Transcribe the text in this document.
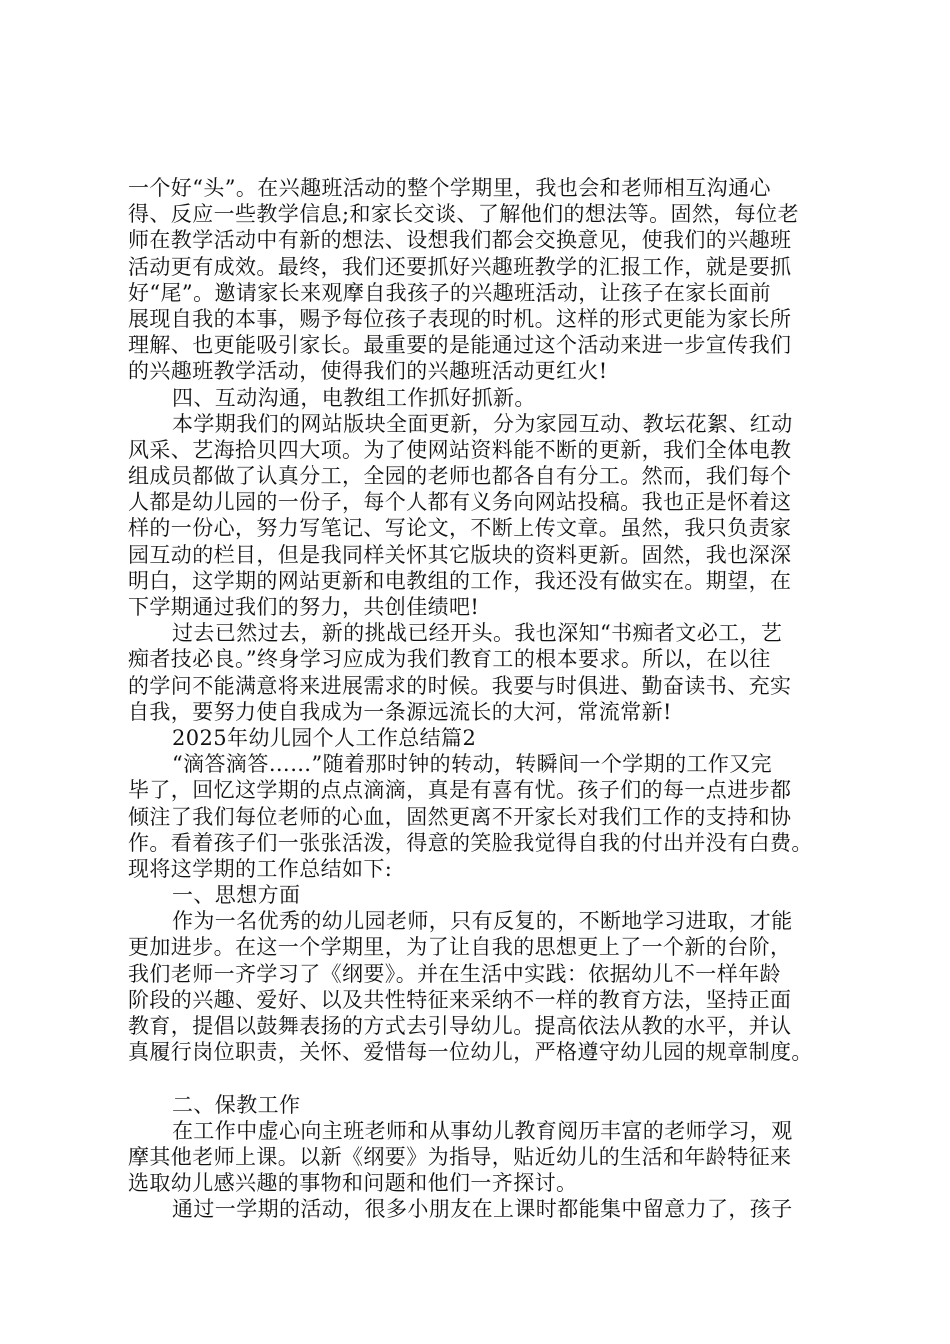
一个好“头”。在兴趣班活动的整个学期里，我也会和老师相互沟通心
得、反应一些教学信息;和家长交谈、了解他们的想法等。固然，每位老
师在教学活动中有新的想法、设想我们都会交换意见，使我们的兴趣班
活动更有成效。最终，我们还要抓好兴趣班教学的汇报工作，就是要抓
好“尾”。邀请家长来观摩自我孩子的兴趣班活动，让孩子在家长面前
展现自我的本事，赐予每位孩子表现的时机。这样的形式更能为家长所
理解、也更能吸引家长。最重要的是能通过这个活动来进一步宣传我们
的兴趣班教学活动，使得我们的兴趣班活动更红火!
四、互动沟通，电教组工作抓好抓新。
本学期我们的网站版块全面更新，分为家园互动、教坛花絮、红动
风采、艺海拾贝四大项。为了使网站资料能不断的更新，我们全体电教
组成员都做了认真分工，全园的老师也都各自有分工。然而，我们每个
人都是幼儿园的一份子，每个人都有义务向网站投稿。我也正是怀着这
样的一份心，努力写笔记、写论文，不断上传文章。虽然，我只负责家
园互动的栏目，但是我同样关怀其它版块的资料更新。固然，我也深深
明白，这学期的网站更新和电教组的工作，我还没有做实在。期望，在
下学期通过我们的努力，共创佳绩吧!
过去已然过去，新的挑战已经开头。我也深知“书痴者文必工，艺
痴者技必良。”终身学习应成为我们教育工的根本要求。所以，在以往
的学问不能满意将来进展需求的时候。我要与时俱进、勤奋读书、充实
自我，要努力使自我成为一条源远流长的大河，常流常新!
2025年幼儿园个人工作总结篇2
“滴答滴答……”随着那时钟的转动，转瞬间一个学期的工作又完
毕了，回忆这学期的点点滴滴，真是有喜有忧。孩子们的每一点进步都
倾注了我们每位老师的心血，固然更离不开家长对我们工作的支持和协
作。看着孩子们一张张活泼，得意的笑脸我觉得自我的付出并没有白费。
现将这学期的工作总结如下:
一、思想方面
作为一名优秀的幼儿园老师，只有反复的，不断地学习进取，才能
更加进步。在这一个学期里，为了让自我的思想更上了一个新的台阶，
我们老师一齐学习了《纲要》。并在生活中实践：依据幼儿不一样年龄
阶段的兴趣、爱好、以及共性特征来采纳不一样的教育方法，坚持正面
教育，提倡以鼓舞表扬的方式去引导幼儿。提高依法从教的水平，并认
真履行岗位职责，关怀、爱惜每一位幼儿，严格遵守幼儿园的规章制度。
二、保教工作
在工作中虚心向主班老师和从事幼儿教育阅历丰富的老师学习，观
摩其他老师上课。以新《纲要》为指导，贴近幼儿的生活和年龄特征来
选取幼儿感兴趣的事物和问题和他们一齐探讨。
通过一学期的活动，很多小朋友在上课时都能集中留意力了，孩子
